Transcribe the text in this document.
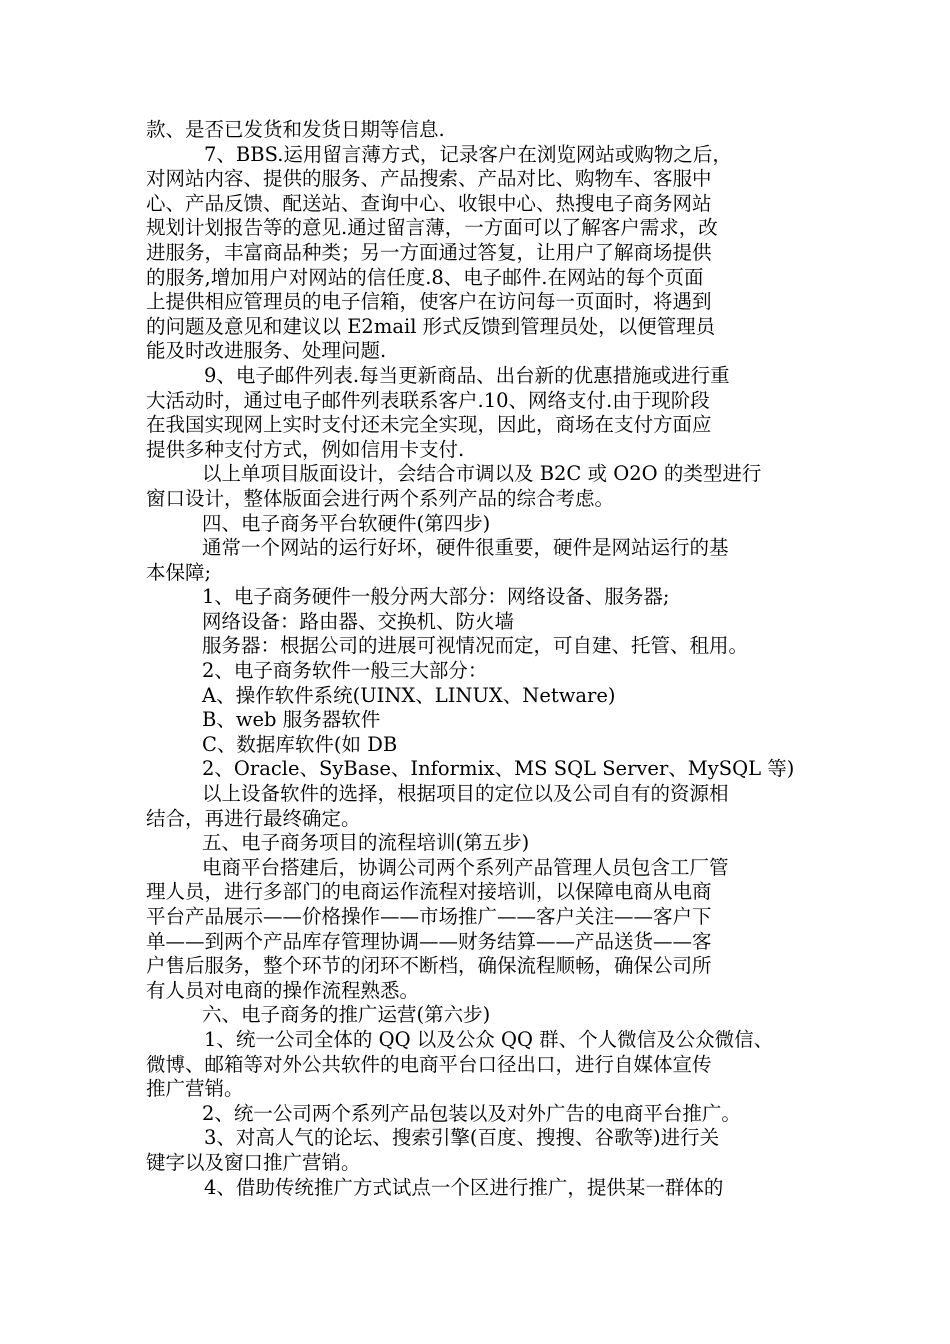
款、是否已发货和发货日期等信息.
7、BBS.运用留言薄方式，记录客户在浏览网站或购物之后，
对网站内容、提供的服务、产品搜索、产品对比、购物车、客服中
心、产品反馈、配送站、查询中心、收银中心、热搜电子商务网站
规划计划报告等的意见.通过留言薄，一方面可以了解客户需求，改
进服务，丰富商品种类；另一方面通过答复，让用户了解商场提供
的服务,增加用户对网站的信任度.8、电子邮件.在网站的每个页面
上提供相应管理员的电子信箱，使客户在访问每一页面时，将遇到
的问题及意见和建议以 E2mail 形式反馈到管理员处，以便管理员
能及时改进服务、处理问题.
9、电子邮件列表.每当更新商品、出台新的优惠措施或进行重
大活动时，通过电子邮件列表联系客户.10、网络支付.由于现阶段
在我国实现网上实时支付还未完全实现，因此，商场在支付方面应
提供多种支付方式，例如信用卡支付.
以上单项目版面设计，会结合市调以及 B2C 或 O2O 的类型进行
窗口设计，整体版面会进行两个系列产品的综合考虑。
四、电子商务平台软硬件(第四步)
通常一个网站的运行好坏，硬件很重要，硬件是网站运行的基
本保障;
1、电子商务硬件一般分两大部分：网络设备、服务器;
网络设备：路由器、交换机、防火墙
服务器：根据公司的进展可视情况而定，可自建、托管、租用。
2、电子商务软件一般三大部分：
A、操作软件系统(UINX、LINUX、Netware)
B、web 服务器软件
C、数据库软件(如 DB
2、Oracle、SyBase、Informix、MS SQL Server、MySQL 等)
以上设备软件的选择，根据项目的定位以及公司自有的资源相
结合，再进行最终确定。
五、电子商务项目的流程培训(第五步)
电商平台搭建后，协调公司两个系列产品管理人员包含工厂管
理人员，进行多部门的电商运作流程对接培训，以保障电商从电商
平台产品展示——价格操作——市场推广——客户关注——客户下
单——到两个产品库存管理协调——财务结算——产品送货——客
户售后服务，整个环节的闭环不断档，确保流程顺畅，确保公司所
有人员对电商的操作流程熟悉。
六、电子商务的推广运营(第六步)
1、统一公司全体的 QQ 以及公众 QQ 群、个人微信及公众微信、
微博、邮箱等对外公共软件的电商平台口径出口，进行自媒体宣传
推广营销。
2、统一公司两个系列产品包装以及对外广告的电商平台推广。
3、对高人气的论坛、搜索引擎(百度、搜搜、谷歌等)进行关
键字以及窗口推广营销。
4、借助传统推广方式试点一个区进行推广，提供某一群体的
